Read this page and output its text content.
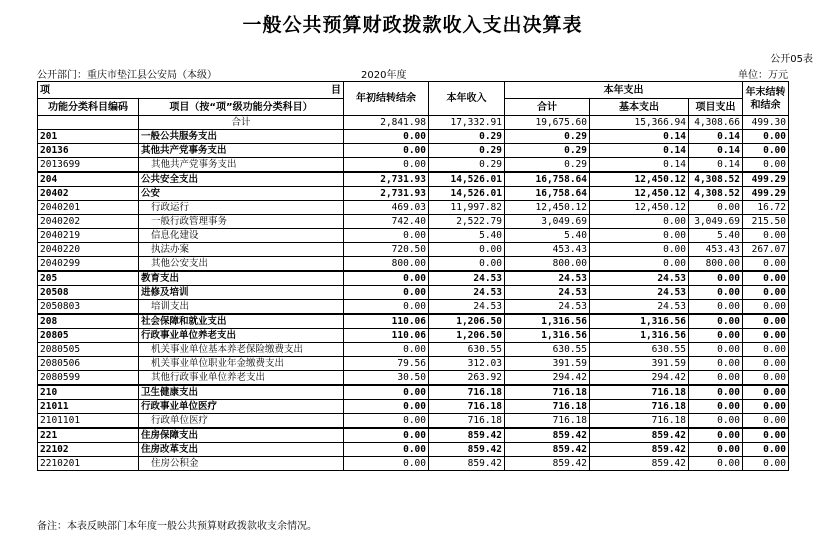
一般公共预算财政拨款收入支出决算表
公开05表
公开部门：重庆市垫江县公安局（本级）	2020年度	单位：万元
项 目		年初结转结余	本年收入	本年支出			年末结转和结余
功能分类科目编码	项目（按“项”级功能分类科目）			合计	基本支出	项目支出	
	合计	2,841.98	17,332.91	19,675.60	15,366.94	4,308.66	499.30
201	一般公共服务支出	0.00	0.29	0.29	0.14	0.14	0.00
20136	其他共产党事务支出	0.00	0.29	0.29	0.14	0.14	0.00
2013699	其他共产党事务支出	0.00	0.29	0.29	0.14	0.14	0.00
204	公共安全支出	2,731.93	14,526.01	16,758.64	12,450.12	4,308.52	499.29
20402	公安	2,731.93	14,526.01	16,758.64	12,450.12	4,308.52	499.29
2040201	行政运行	469.03	11,997.82	12,450.12	12,450.12	0.00	16.72
2040202	一般行政管理事务	742.40	2,522.79	3,049.69	0.00	3,049.69	215.50
2040219	信息化建设	0.00	5.40	5.40	0.00	5.40	0.00
2040220	执法办案	720.50	0.00	453.43	0.00	453.43	267.07
2040299	其他公安支出	800.00	0.00	800.00	0.00	800.00	0.00
205	教育支出	0.00	24.53	24.53	24.53	0.00	0.00
20508	进修及培训	0.00	24.53	24.53	24.53	0.00	0.00
2050803	培训支出	0.00	24.53	24.53	24.53	0.00	0.00
208	社会保障和就业支出	110.06	1,206.50	1,316.56	1,316.56	0.00	0.00
20805	行政事业单位养老支出	110.06	1,206.50	1,316.56	1,316.56	0.00	0.00
2080505	机关事业单位基本养老保险缴费支出	0.00	630.55	630.55	630.55	0.00	0.00
2080506	机关事业单位职业年金缴费支出	79.56	312.03	391.59	391.59	0.00	0.00
2080599	其他行政事业单位养老支出	30.50	263.92	294.42	294.42	0.00	0.00
210	卫生健康支出	0.00	716.18	716.18	716.18	0.00	0.00
21011	行政事业单位医疗	0.00	716.18	716.18	716.18	0.00	0.00
2101101	行政单位医疗	0.00	716.18	716.18	716.18	0.00	0.00
221	住房保障支出	0.00	859.42	859.42	859.42	0.00	0.00
22102	住房改革支出	0.00	859.42	859.42	859.42	0.00	0.00
2210201	住房公积金	0.00	859.42	859.42	859.42	0.00	0.00
备注：本表反映部门本年度一般公共预算财政拨款收支余情况。
